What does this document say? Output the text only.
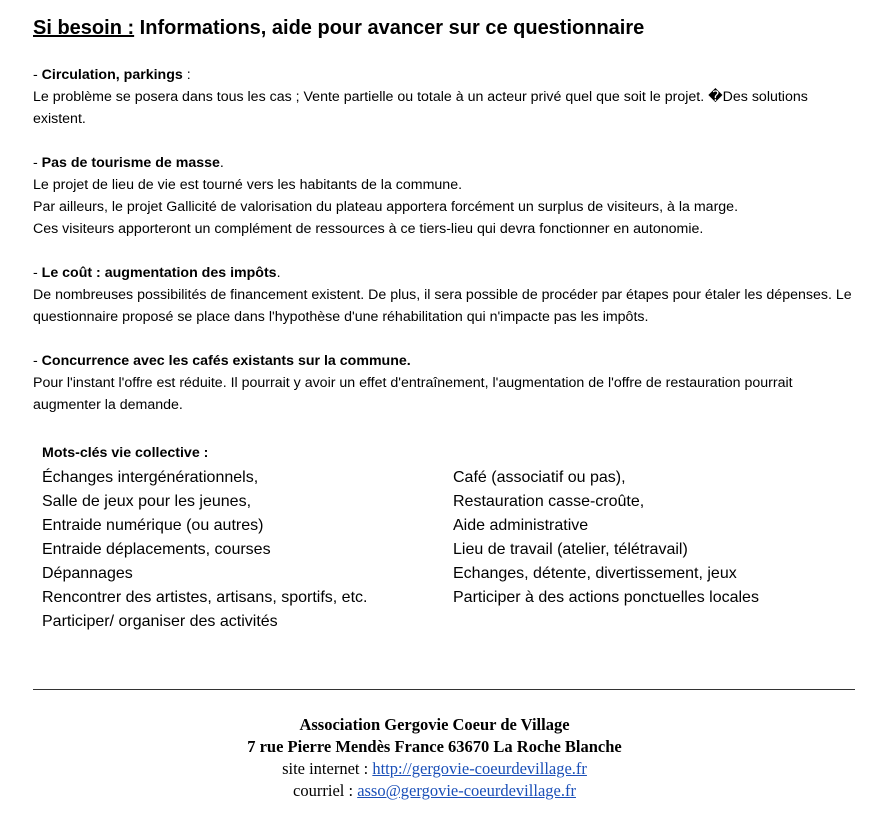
Si besoin : Informations, aide pour avancer sur ce questionnaire
- Circulation, parkings :

Le problème se posera dans tous les cas ; Vente partielle ou totale à un acteur privé quel que soit le projet. �Des solutions existent.

- Pas de tourisme de masse.

Le projet de lieu de vie est tourné vers les habitants de la commune.

Par ailleurs, le projet Gallicité de valorisation du plateau apportera forcément un surplus de visiteurs, à la marge.

Ces visiteurs apporteront un complément de ressources à ce tiers-lieu qui devra fonctionner en autonomie.

- Le coût : augmentation des impôts.

De nombreuses possibilités de financement existent. De plus, il sera possible de procéder par étapes pour étaler les dépenses. Le questionnaire proposé se place dans l'hypothèse d'une réhabilitation qui n'impacte pas les impôts.

- Concurrence avec les cafés existants sur la commune.

Pour l'instant l'offre est réduite. Il pourrait y avoir un effet d'entraînement, l'augmentation de l'offre de restauration pourrait augmenter la demande.

Mots-clés vie collective :
Échanges intergénérationnels,
Salle de jeux pour les jeunes,
Entraide numérique (ou autres)
Entraide déplacements, courses
Dépannages
Rencontrer des artistes, artisans, sportifs, etc.
Participer/ organiser des activités
Café (associatif ou pas),
Restauration casse-croûte,
Aide administrative
Lieu de travail (atelier, télétravail)
Echanges, détente, divertissement, jeux
Participer à des actions ponctuelles locales
Association Gergovie Coeur de Village
7 rue Pierre Mendès France 63670 La Roche Blanche
site internet : http://gergovie-coeurdevillage.fr
courriel : asso@gergovie-coeurdevillage.fr
